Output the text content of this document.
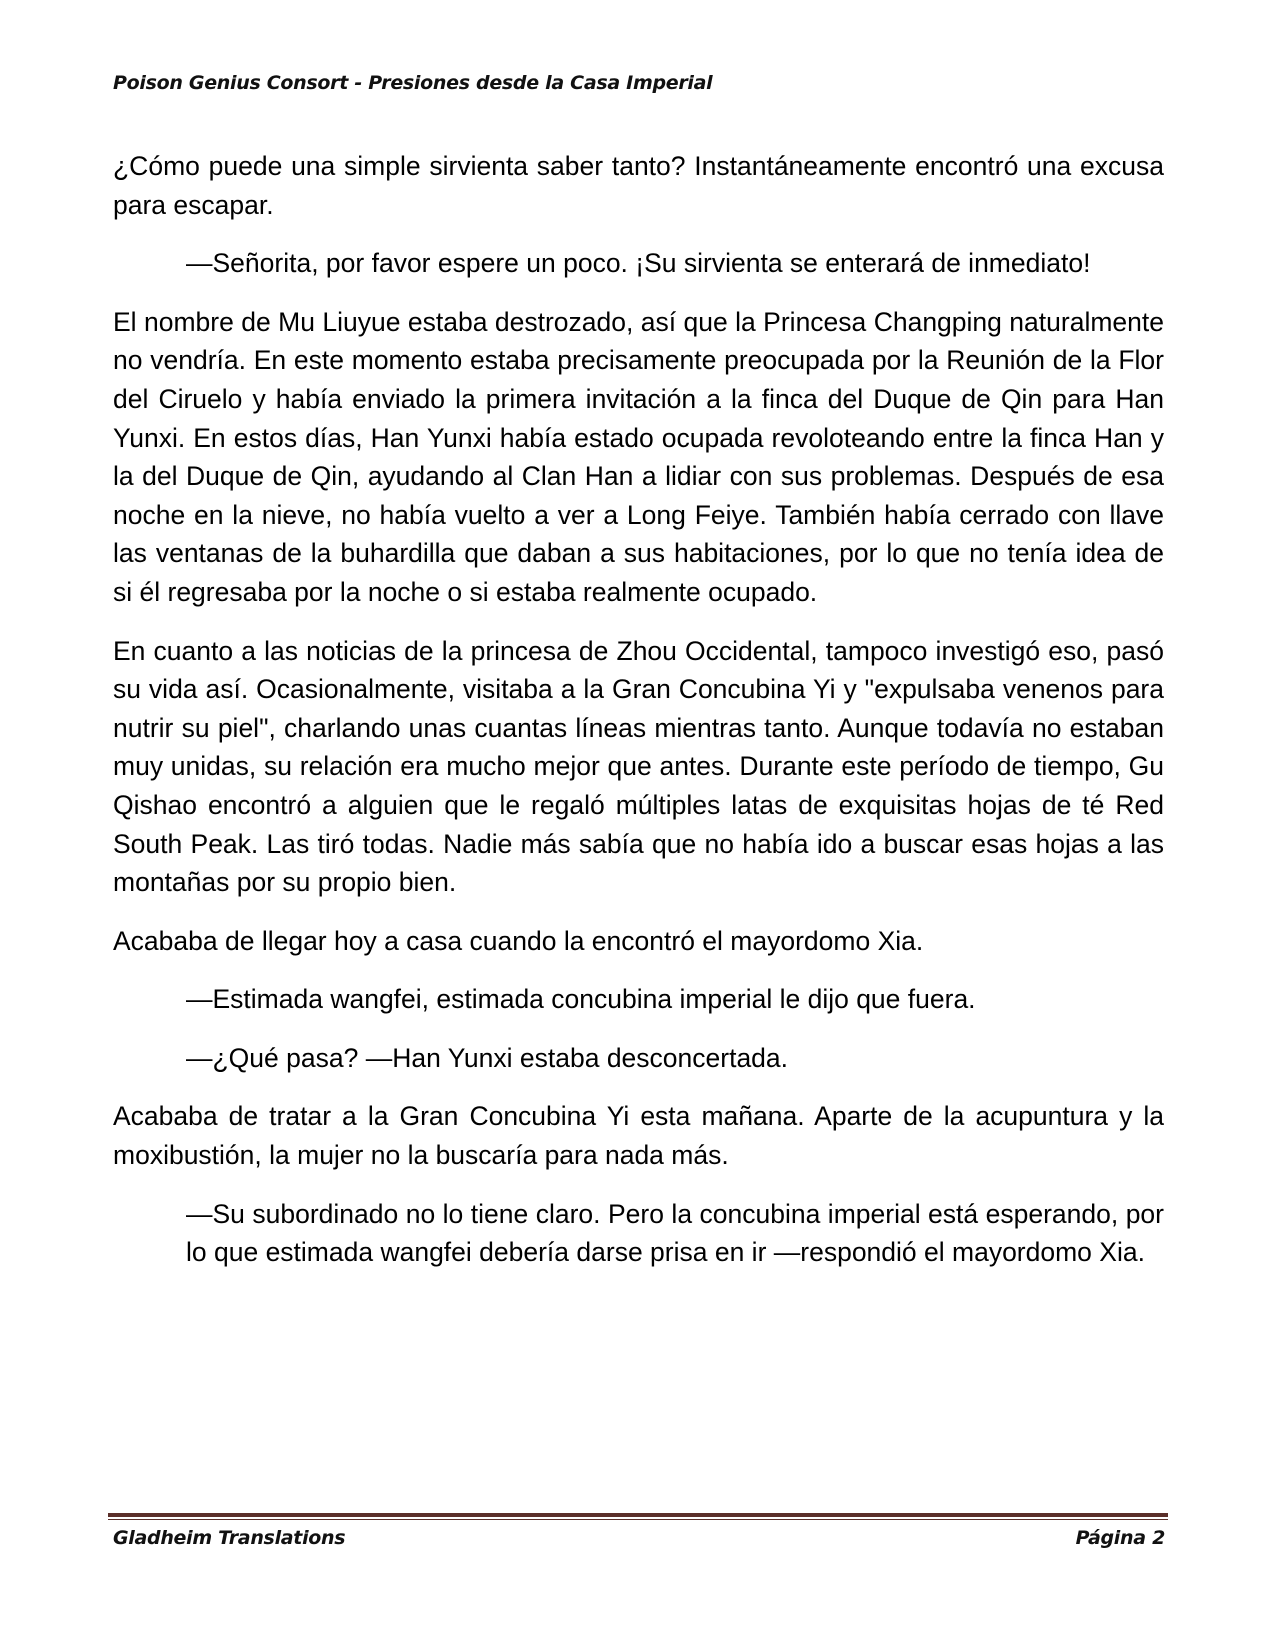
Poison Genius Consort - Presiones desde la Casa Imperial

¿Cómo puede una simple sirvienta saber tanto? Instantáneamente encontró una excusa para escapar.

—Señorita, por favor espere un poco. ¡Su sirvienta se enterará de inmediato!

El nombre de Mu Liuyue estaba destrozado, así que la Princesa Changping naturalmente no vendría. En este momento estaba precisamente preocupada por la Reunión de la Flor del Ciruelo y había enviado la primera invitación a la finca del Duque de Qin para Han Yunxi. En estos días, Han Yunxi había estado ocupada revoloteando entre la finca Han y la del Duque de Qin, ayudando al Clan Han a lidiar con sus problemas. Después de esa noche en la nieve, no había vuelto a ver a Long Feiye. También había cerrado con llave las ventanas de la buhardilla que daban a sus habitaciones, por lo que no tenía idea de si él regresaba por la noche o si estaba realmente ocupado.

En cuanto a las noticias de la princesa de Zhou Occidental, tampoco investigó eso, pasó su vida así. Ocasionalmente, visitaba a la Gran Concubina Yi y "expulsaba venenos para nutrir su piel", charlando unas cuantas líneas mientras tanto. Aunque todavía no estaban muy unidas, su relación era mucho mejor que antes. Durante este período de tiempo, Gu Qishao encontró a alguien que le regaló múltiples latas de exquisitas hojas de té Red South Peak. Las tiró todas. Nadie más sabía que no había ido a buscar esas hojas a las montañas por su propio bien.

Acababa de llegar hoy a casa cuando la encontró el mayordomo Xia.

—Estimada wangfei, estimada concubina imperial le dijo que fuera.

—¿Qué pasa? —Han Yunxi estaba desconcertada.

Acababa de tratar a la Gran Concubina Yi esta mañana. Aparte de la acupuntura y la moxibustión, la mujer no la buscaría para nada más.

—Su subordinado no lo tiene claro. Pero la concubina imperial está esperando, por lo que estimada wangfei debería darse prisa en ir —respondió el mayordomo Xia.

Gladheim Translations	Página 2
